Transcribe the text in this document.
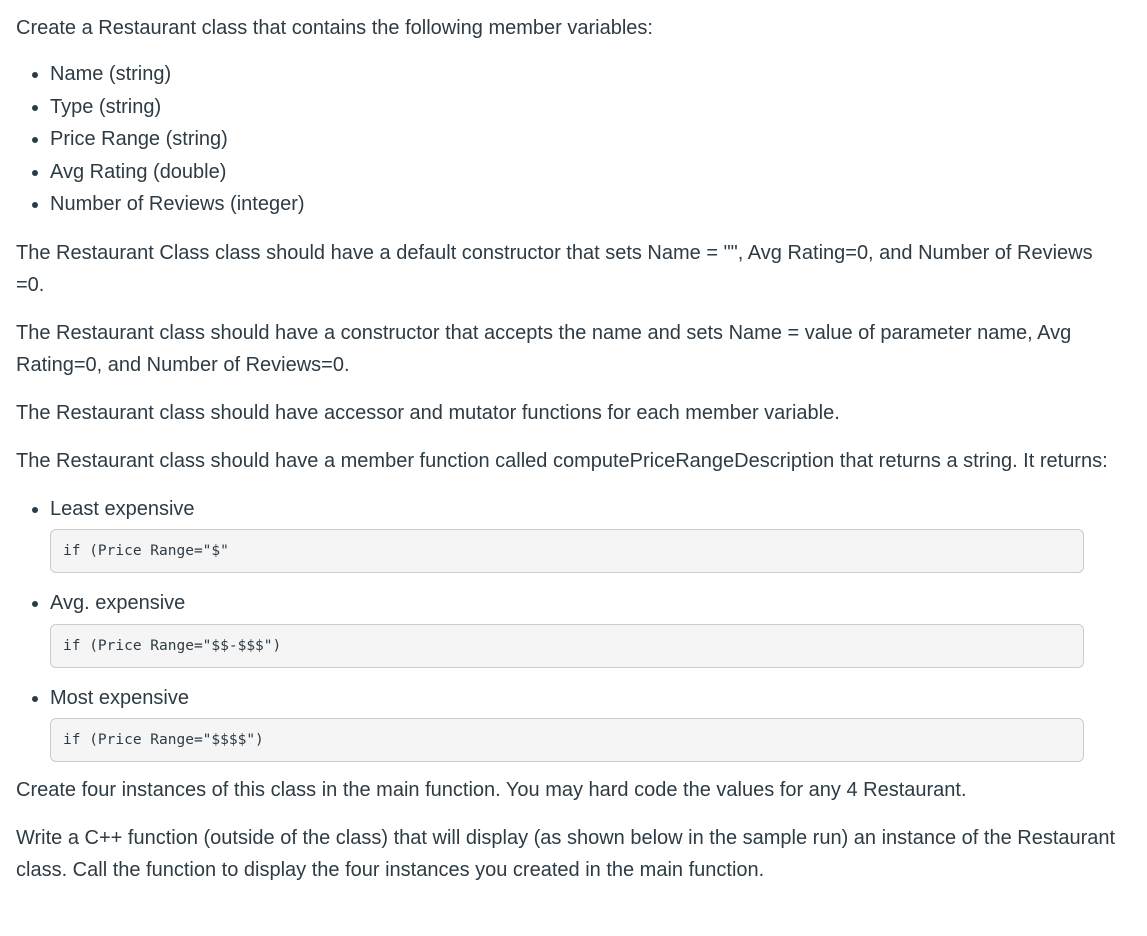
Create a Restaurant class that contains the following member variables:

• Name (string)
• Type (string)
• Price Range (string)
• Avg Rating (double)
• Number of Reviews (integer)

The Restaurant Class class should have a default constructor that sets Name = "", Avg Rating=0, and Number of Reviews =0.

The Restaurant class should have a constructor that accepts the name and sets Name = value of parameter name, Avg Rating=0, and Number of Reviews=0.

The Restaurant class should have accessor and mutator functions for each member variable.

The Restaurant class should have a member function called computePriceRangeDescription that returns a string. It returns:

• Least expensive
if (Price Range="$"
• Avg. expensive
if (Price Range="$$-$$$")
• Most expensive
if (Price Range="$$$$")

Create four instances of this class in the main function. You may hard code the values for any 4 Restaurant.

Write a C++ function (outside of the class) that will display (as shown below in the sample run) an instance of the Restaurant class. Call the function to display the four instances you created in the main function.
